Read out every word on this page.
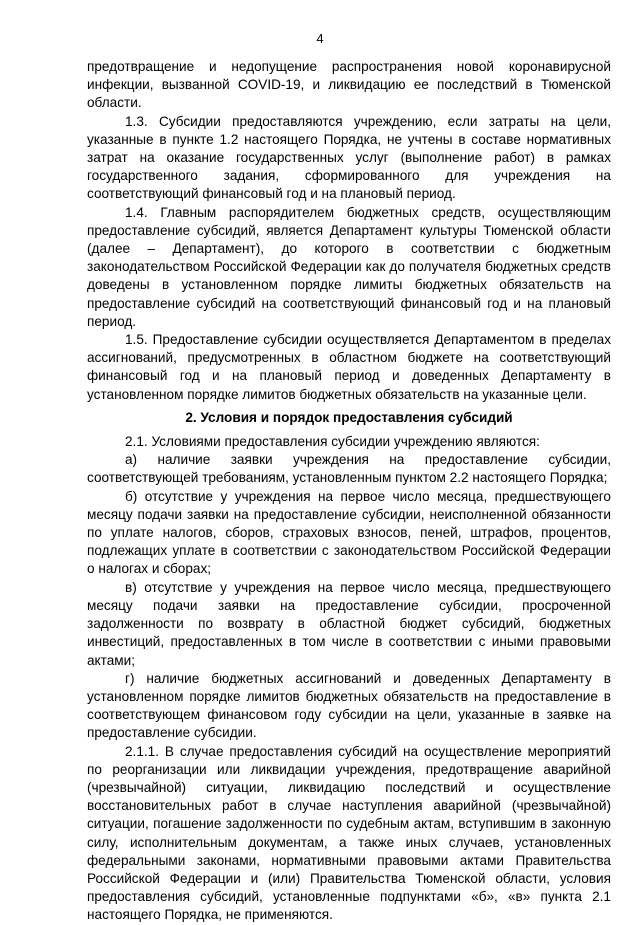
4

предотвращение и недопущение распространения новой коронавирусной инфекции, вызванной COVID-19, и ликвидацию ее последствий в Тюменской области.

1.3. Субсидии предоставляются учреждению, если затраты на цели, указанные в пункте 1.2 настоящего Порядка, не учтены в составе нормативных затрат на оказание государственных услуг (выполнение работ) в рамках государственного задания, сформированного для учреждения на соответствующий финансовый год и на плановый период.

1.4. Главным распорядителем бюджетных средств, осуществляющим предоставление субсидий, является Департамент культуры Тюменской области (далее – Департамент), до которого в соответствии с бюджетным законодательством Российской Федерации как до получателя бюджетных средств доведены в установленном порядке лимиты бюджетных обязательств на предоставление субсидий на соответствующий финансовый год и на плановый период.

1.5. Предоставление субсидии осуществляется Департаментом в пределах ассигнований, предусмотренных в областном бюджете на соответствующий финансовый год и на плановый период и доведенных Департаменту в установленном порядке лимитов бюджетных обязательств на указанные цели.

2. Условия и порядок предоставления субсидий

2.1. Условиями предоставления субсидии учреждению являются:

а) наличие заявки учреждения на предоставление субсидии, соответствующей требованиям, установленным пунктом 2.2 настоящего Порядка;

б) отсутствие у учреждения на первое число месяца, предшествующего месяцу подачи заявки на предоставление субсидии, неисполненной обязанности по уплате налогов, сборов, страховых взносов, пеней, штрафов, процентов, подлежащих уплате в соответствии с законодательством Российской Федерации о налогах и сборах;

в) отсутствие у учреждения на первое число месяца, предшествующего месяцу подачи заявки на предоставление субсидии, просроченной задолженности по возврату в областной бюджет субсидий, бюджетных инвестиций, предоставленных в том числе в соответствии с иными правовыми актами;

г) наличие бюджетных ассигнований и доведенных Департаменту в установленном порядке лимитов бюджетных обязательств на предоставление в соответствующем финансовом году субсидии на цели, указанные в заявке на предоставление субсидии.

2.1.1. В случае предоставления субсидий на осуществление мероприятий по реорганизации или ликвидации учреждения, предотвращение аварийной (чрезвычайной) ситуации, ликвидацию последствий и осуществление восстановительных работ в случае наступления аварийной (чрезвычайной) ситуации, погашение задолженности по судебным актам, вступившим в законную силу, исполнительным документам, а также иных случаев, установленных федеральными законами, нормативными правовыми актами Правительства Российской Федерации и (или) Правительства Тюменской области, условия предоставления субсидий, установленные подпунктами «б», «в» пункта 2.1 настоящего Порядка, не применяются.
